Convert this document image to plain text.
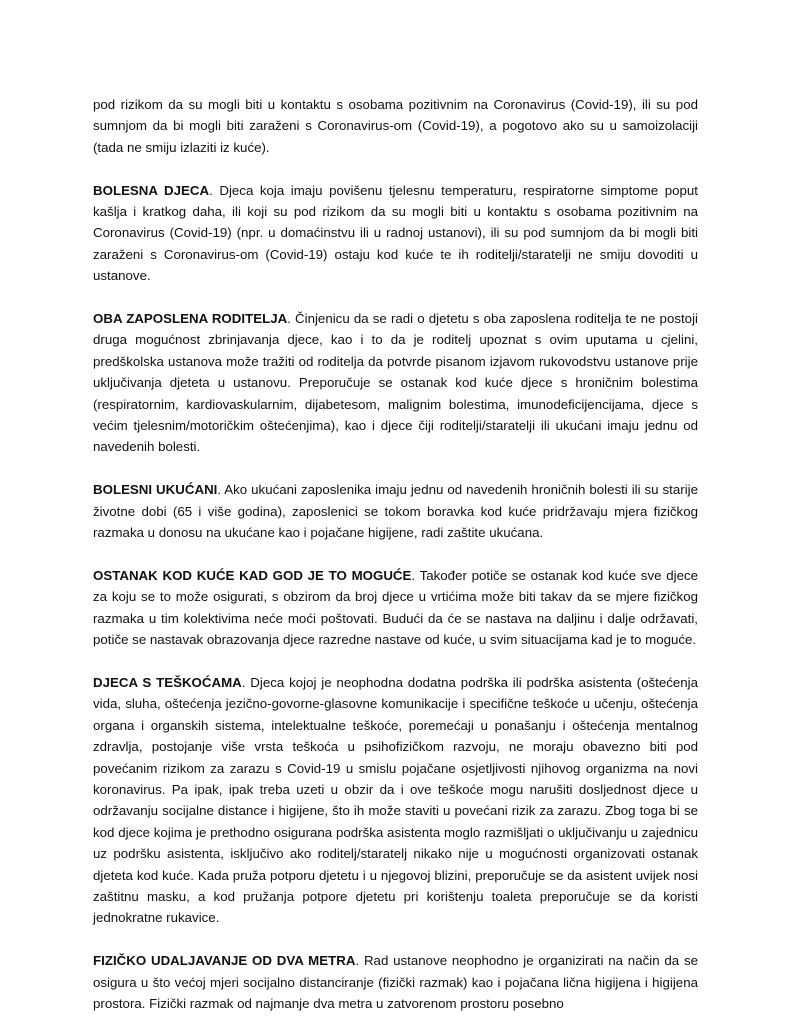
pod rizikom da su mogli biti u kontaktu s osobama pozitivnim na Coronavirus (Covid-19), ili su pod sumnjom da bi mogli biti zaraženi s Coronavirus-om (Covid-19), a pogotovo ako su u samoizolaciji (tada ne smiju izlaziti iz kuće).

BOLESNA DJECA. Djeca koja imaju povišenu tjelesnu temperaturu, respiratorne simptome poput kašlja i kratkog daha, ili koji su pod rizikom da su mogli biti u kontaktu s osobama pozitivnim na Coronavirus (Covid-19) (npr. u domaćinstvu ili u radnoj ustanovi), ili su pod sumnjom da bi mogli biti zaraženi s Coronavirus-om (Covid-19) ostaju kod kuće te ih roditelji/staratelji ne smiju dovoditi u ustanove.

OBA ZAPOSLENA RODITELJA. Činjenicu da se radi o djetetu s oba zaposlena roditelja te ne postoji druga mogućnost zbrinjavanja djece, kao i to da je roditelj upoznat s ovim uputama u cjelini, predškolska ustanova može tražiti od roditelja da potvrde pisanom izjavom rukovodstvu ustanove prije uključivanja djeteta u ustanovu. Preporučuje se ostanak kod kuće djece s hroničnim bolestima (respiratornim, kardiovaskularnim, dijabetesom, malignim bolestima, imunodeficijencijama, djece s većim tjelesnim/motoričkim oštećenjima), kao i djece čiji roditelji/staratelji ili ukućani imaju jednu od navedenih bolesti.

BOLESNI UKUĆANI. Ako ukućani zaposlenika imaju jednu od navedenih hroničnih bolesti ili su starije životne dobi (65 i više godina), zaposlenici se tokom boravka kod kuće pridržavaju mjera fizičkog razmaka u donosu na ukućane kao i pojačane higijene, radi zaštite ukućana.

OSTANAK KOD KUĆE KAD GOD JE TO MOGUĆE. Također potiče se ostanak kod kuće sve djece za koju se to može osigurati, s obzirom da broj djece u vrtićima može biti takav da se mjere fizičkog razmaka u tim kolektivima neće moći poštovati. Budući da će se nastava na daljinu i dalje održavati, potiče se nastavak obrazovanja djece razredne nastave od kuće, u svim situacijama kad je to moguće.

DJECA S TEŠKOĆAMA. Djeca kojoj je neophodna dodatna podrška ili podrška asistenta (oštećenja vida, sluha, oštećenja jezično-govorne-glasovne komunikacije i specifične teškoće u učenju, oštećenja organa i organskih sistema, intelektualne teškoće, poremećaji u ponašanju i oštećenja mentalnog zdravlja, postojanje više vrsta teškoća u psihofizičkom razvoju, ne moraju obavezno biti pod povećanim rizikom za zarazu s Covid-19 u smislu pojačane osjetljivosti njihovog organizma na novi koronavirus. Pa ipak, ipak treba uzeti u obzir da i ove teškoće mogu narušiti dosljednost djece u održavanju socijalne distance i higijene, što ih može staviti u povećani rizik za zarazu. Zbog toga bi se kod djece kojima je prethodno osigurana podrška asistenta moglo razmišljati o uključivanju u zajednicu uz podršku asistenta, isključivo ako roditelj/staratelj nikako nije u mogućnosti organizovati ostanak djeteta kod kuće. Kada pruža potporu djetetu i u njegovoj blizini, preporučuje se da asistent uvijek nosi zaštitnu masku, a kod pružanja potpore djetetu pri korištenju toaleta preporučuje se da koristi jednokratne rukavice.

FIZIČKO UDALJAVANJE OD DVA METRA. Rad ustanove neophodno je organizirati na način da se osigura u što većoj mjeri socijalno distanciranje (fizički razmak) kao i pojačana lična higijena i higijena prostora. Fizički razmak od najmanje dva metra u zatvorenom prostoru posebno
